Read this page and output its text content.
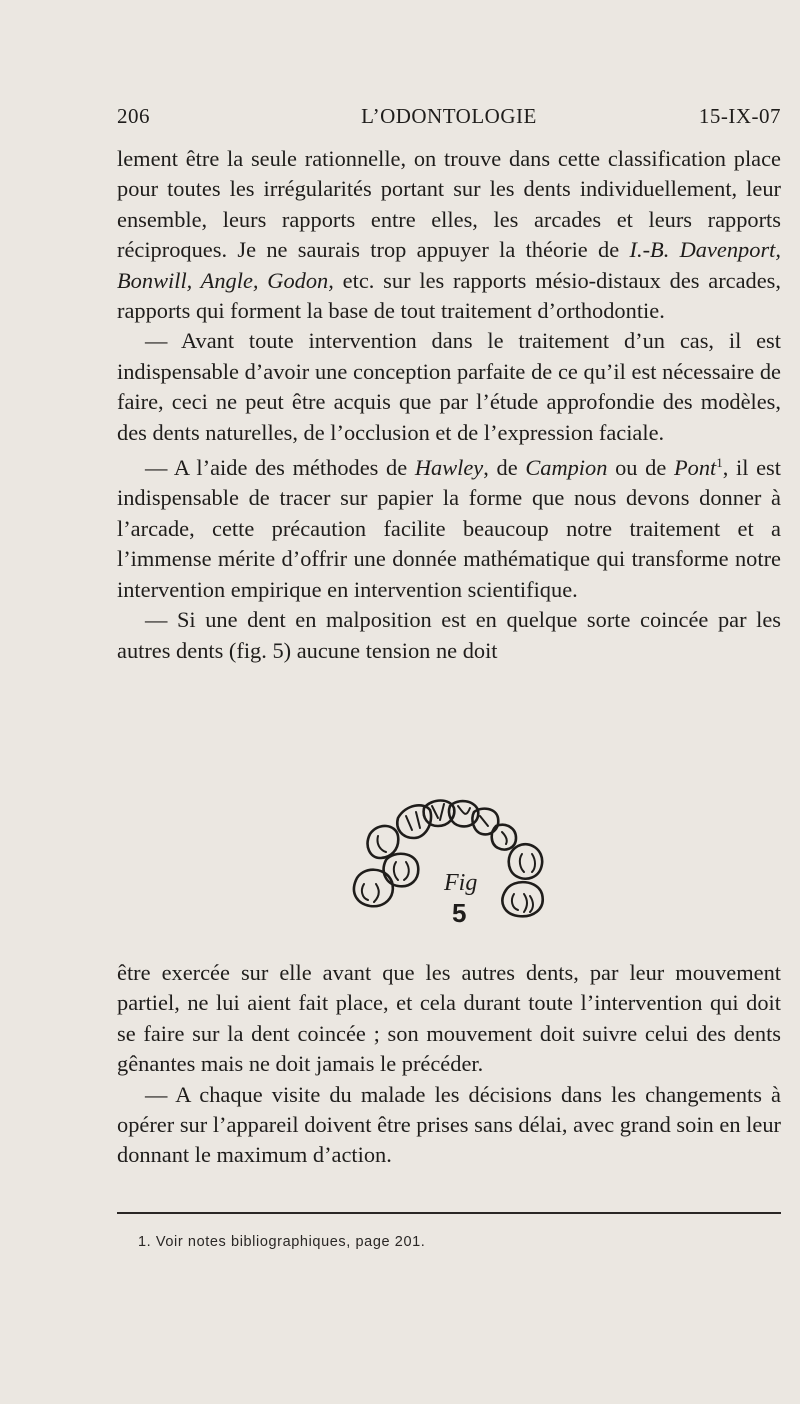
206	L’ODONTOLOGIE	15-IX-07

lement être la seule rationnelle, on trouve dans cette classification place pour toutes les irrégularités portant sur les dents individuellement, leur ensemble, leurs rapports entre elles, les arcades et leurs rapports réciproques. Je ne saurais trop appuyer la théorie de I.-B. Davenport, Bonwill, Angle, Godon, etc. sur les rapports mésio-distaux des arcades, rapports qui forment la base de tout traitement d’orthodontie.

— Avant toute intervention dans le traitement d’un cas, il est indispensable d’avoir une conception parfaite de ce qu’il est nécessaire de faire, ceci ne peut être acquis que par l’étude approfondie des modèles, des dents naturelles, de l’occlusion et de l’expression faciale.

— A l’aide des méthodes de Hawley, de Campion ou de Pont$^1$, il est indispensable de tracer sur papier la forme que nous devons donner à l’arcade, cette précaution facilite beaucoup notre traitement et a l’immense mérite d’offrir une donnée mathématique qui transforme notre intervention empirique en intervention scientifique.

— Si une dent en malposition est en quelque sorte coincée par les autres dents (fig. 5) aucune tension ne doit

Fig
5

être exercée sur elle avant que les autres dents, par leur mouvement partiel, ne lui aient fait place, et cela durant toute l’intervention qui doit se faire sur la dent coincée ; son mouvement doit suivre celui des dents gênantes mais ne doit jamais le précéder.

— A chaque visite du malade les décisions dans les changements à opérer sur l’appareil doivent être prises sans délai, avec grand soin en leur donnant le maximum d’action.

1. Voir notes bibliographiques, page 201.
